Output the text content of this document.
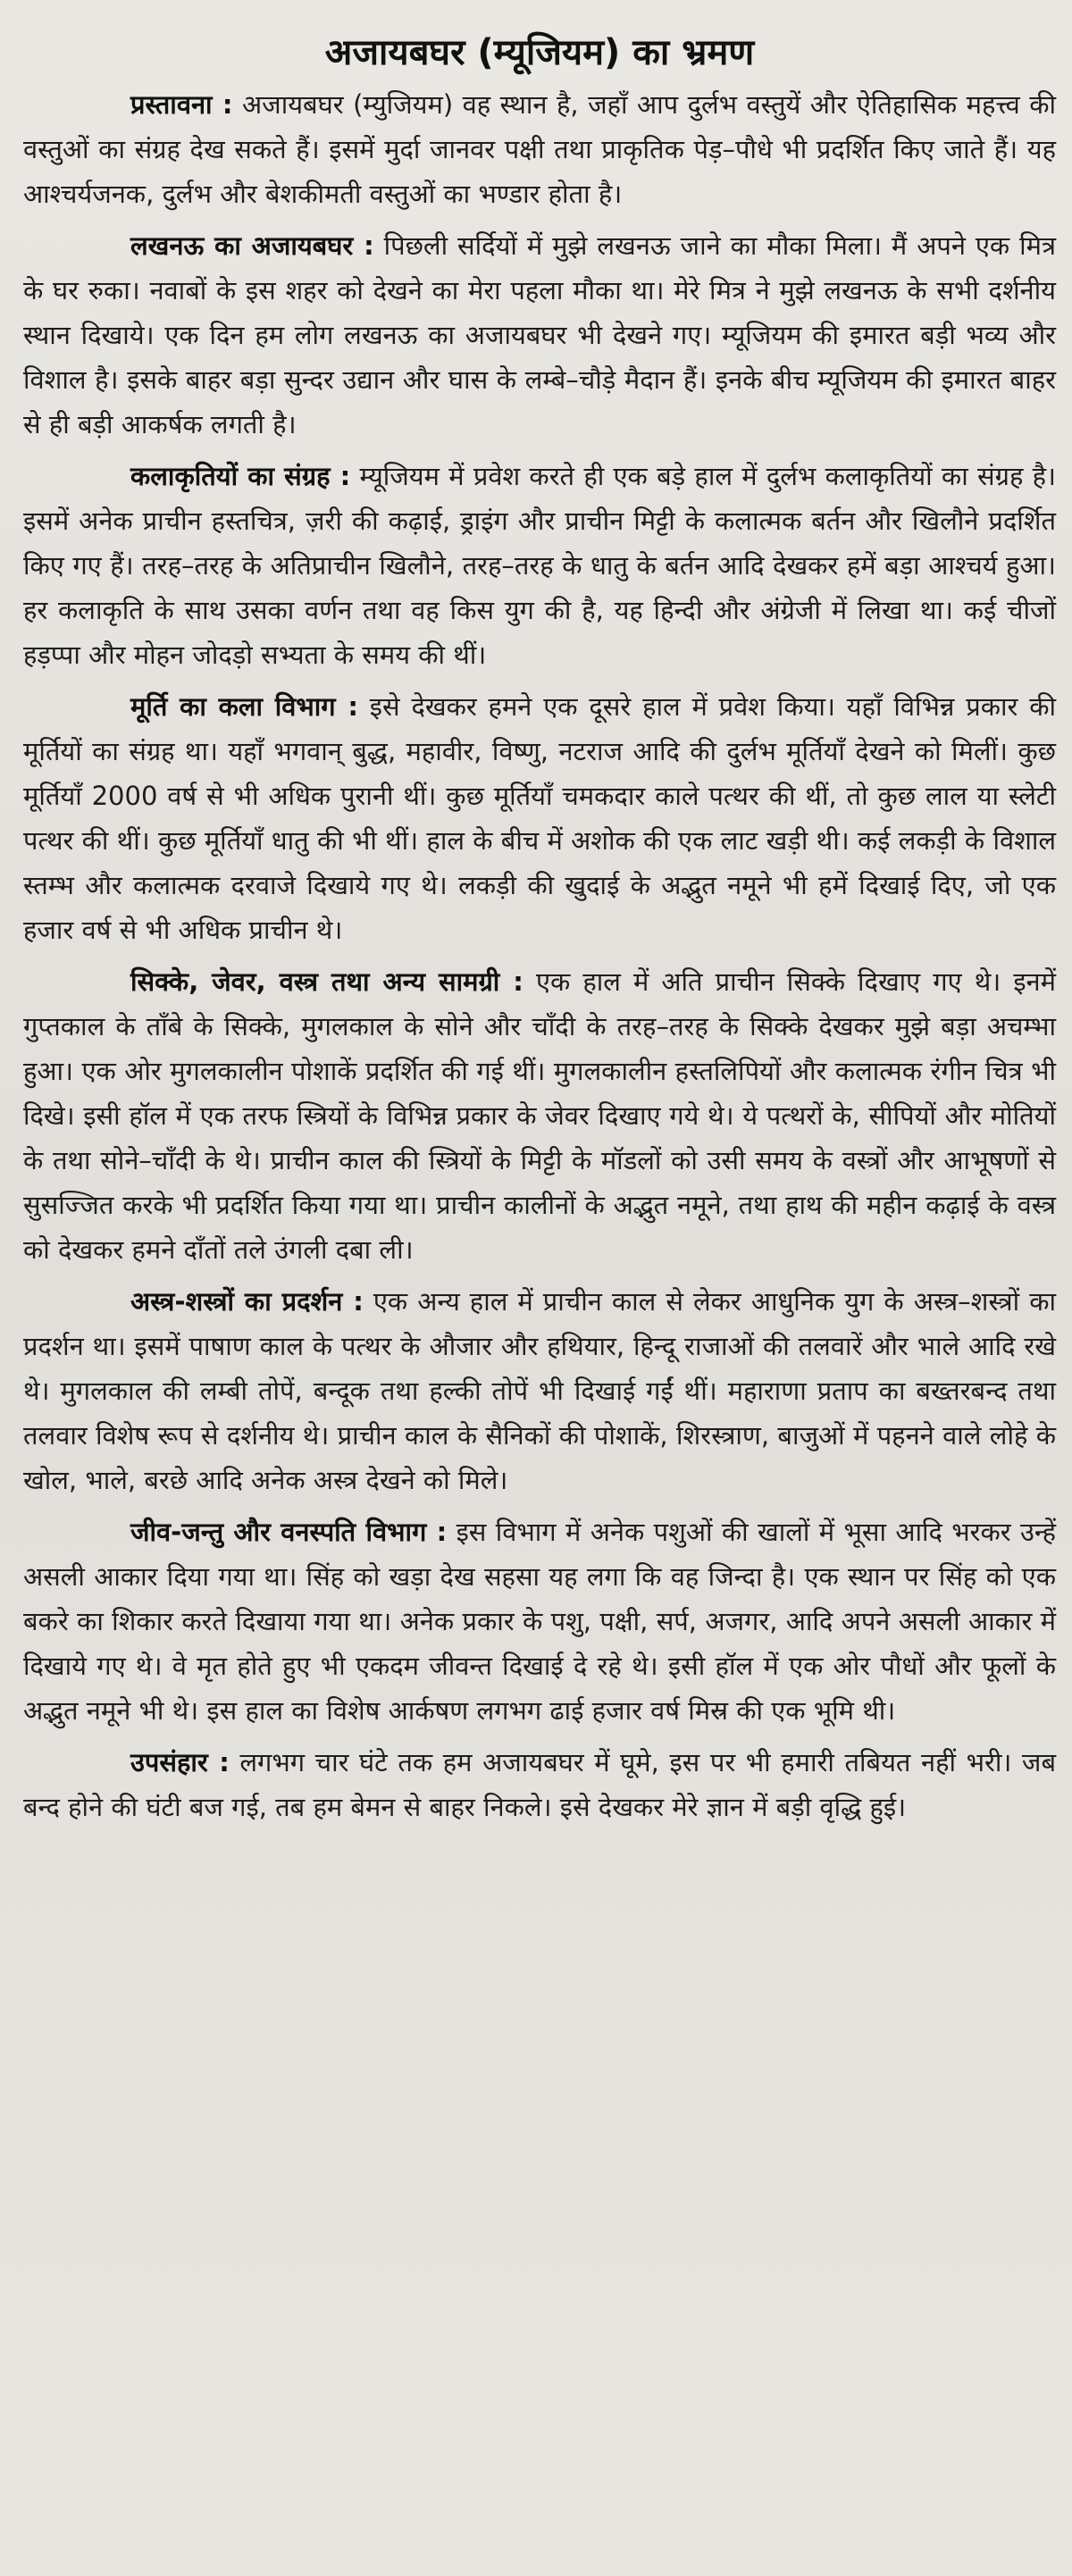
अजायबघर (म्यूजियम) का भ्रमण

प्रस्तावना : अजायबघर (म्युजियम) वह स्थान है, जहाँ आप दुर्लभ वस्तुयें और ऐतिहासिक महत्त्व की वस्तुओं का संग्रह देख सकते हैं। इसमें मुर्दा जानवर पक्षी तथा प्राकृतिक पेड़–पौधे भी प्रदर्शित किए जाते हैं। यह आश्चर्यजनक, दुर्लभ और बेशकीमती वस्तुओं का भण्डार होता है।

लखनऊ का अजायबघर : पिछली सर्दियों में मुझे लखनऊ जाने का मौका मिला। मैं अपने एक मित्र के घर रुका। नवाबों के इस शहर को देखने का मेरा पहला मौका था। मेरे मित्र ने मुझे लखनऊ के सभी दर्शनीय स्थान दिखाये। एक दिन हम लोग लखनऊ का अजायबघर भी देखने गए। म्यूजियम की इमारत बड़ी भव्य और विशाल है। इसके बाहर बड़ा सुन्दर उद्यान और घास के लम्बे–चौड़े मैदान हैं। इनके बीच म्यूजियम की इमारत बाहर से ही बड़ी आकर्षक लगती है।

कलाकृतियों का संग्रह : म्यूजियम में प्रवेश करते ही एक बड़े हाल में दुर्लभ कलाकृतियों का संग्रह है। इसमें अनेक प्राचीन हस्तचित्र, ज़री की कढ़ाई, ड्राइंग और प्राचीन मिट्टी के कलात्मक बर्तन और खिलौने प्रदर्शित किए गए हैं। तरह–तरह के अतिप्राचीन खिलौने, तरह–तरह के धातु के बर्तन आदि देखकर हमें बड़ा आश्चर्य हुआ। हर कलाकृति के साथ उसका वर्णन तथा वह किस युग की है, यह हिन्दी और अंग्रेजी में लिखा था। कई चीजों हड़प्पा और मोहन जोदड़ो सभ्यता के समय की थीं।

मूर्ति का कला विभाग : इसे देखकर हमने एक दूसरे हाल में प्रवेश किया। यहाँ विभिन्न प्रकार की मूर्तियों का संग्रह था। यहाँ भगवान् बुद्ध, महावीर, विष्णु, नटराज आदि की दुर्लभ मूर्तियाँ देखने को मिलीं। कुछ मूर्तियाँ 2000 वर्ष से भी अधिक पुरानी थीं। कुछ मूर्तियाँ चमकदार काले पत्थर की थीं, तो कुछ लाल या स्लेटी पत्थर की थीं। कुछ मूर्तियाँ धातु की भी थीं। हाल के बीच में अशोक की एक लाट खड़ी थी। कई लकड़ी के विशाल स्तम्भ और कलात्मक दरवाजे दिखाये गए थे। लकड़ी की खुदाई के अद्भुत नमूने भी हमें दिखाई दिए, जो एक हजार वर्ष से भी अधिक प्राचीन थे।

सिक्के, जेवर, वस्त्र तथा अन्य सामग्री : एक हाल में अति प्राचीन सिक्के दिखाए गए थे। इनमें गुप्तकाल के ताँबे के सिक्के, मुगलकाल के सोने और चाँदी के तरह–तरह के सिक्के देखकर मुझे बड़ा अचम्भा हुआ। एक ओर मुगलकालीन पोशाकें प्रदर्शित की गई थीं। मुगलकालीन हस्तलिपियों और कलात्मक रंगीन चित्र भी दिखे। इसी हॉल में एक तरफ स्त्रियों के विभिन्न प्रकार के जेवर दिखाए गये थे। ये पत्थरों के, सीपियों और मोतियों के तथा सोने–चाँदी के थे। प्राचीन काल की स्त्रियों के मिट्टी के मॉडलों को उसी समय के वस्त्रों और आभूषणों से सुसज्जित करके भी प्रदर्शित किया गया था। प्राचीन कालीनों के अद्भुत नमूने, तथा हाथ की महीन कढ़ाई के वस्त्र को देखकर हमने दाँतों तले उंगली दबा ली।

अस्त्र-शस्त्रों का प्रदर्शन : एक अन्य हाल में प्राचीन काल से लेकर आधुनिक युग के अस्त्र–शस्त्रों का प्रदर्शन था। इसमें पाषाण काल के पत्थर के औजार और हथियार, हिन्दू राजाओं की तलवारें और भाले आदि रखे थे। मुगलकाल की लम्बी तोपें, बन्दूक तथा हल्की तोपें भी दिखाई गईं थीं। महाराणा प्रताप का बख्तरबन्द तथा तलवार विशेष रूप से दर्शनीय थे। प्राचीन काल के सैनिकों की पोशाकें, शिरस्त्राण, बाजुओं में पहनने वाले लोहे के खोल, भाले, बरछे आदि अनेक अस्त्र देखने को मिले।

जीव-जन्तु और वनस्पति विभाग : इस विभाग में अनेक पशुओं की खालों में भूसा आदि भरकर उन्हें असली आकार दिया गया था। सिंह को खड़ा देख सहसा यह लगा कि वह जिन्दा है। एक स्थान पर सिंह को एक बकरे का शिकार करते दिखाया गया था। अनेक प्रकार के पशु, पक्षी, सर्प, अजगर, आदि अपने असली आकार में दिखाये गए थे। वे मृत होते हुए भी एकदम जीवन्त दिखाई दे रहे थे। इसी हॉल में एक ओर पौधों और फूलों के अद्भुत नमूने भी थे। इस हाल का विशेष आर्कषण लगभग ढाई हजार वर्ष मिस्र की एक भूमि थी।

उपसंहार : लगभग चार घंटे तक हम अजायबघर में घूमे, इस पर भी हमारी तबियत नहीं भरी। जब बन्द होने की घंटी बज गई, तब हम बेमन से बाहर निकले। इसे देखकर मेरे ज्ञान में बड़ी वृद्धि हुई।
